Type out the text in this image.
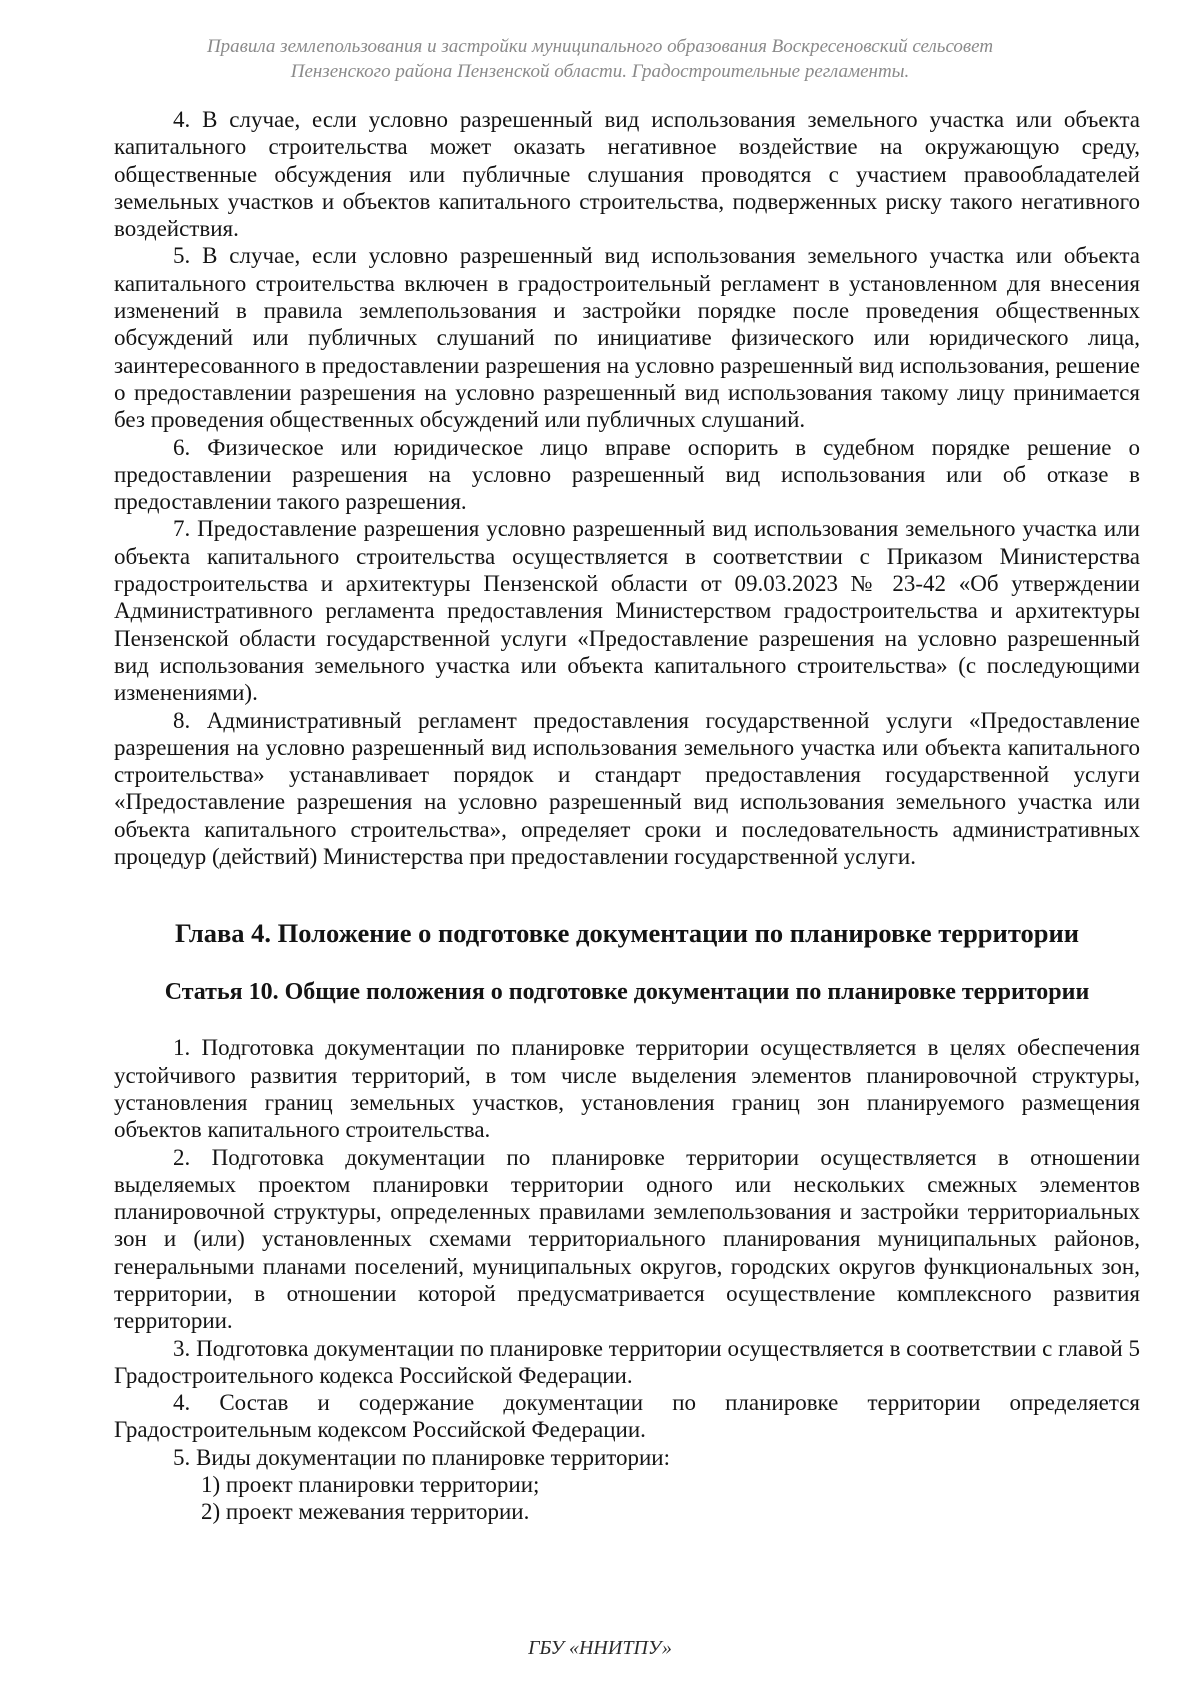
Правила землепользования и застройки муниципального образования Воскресеновский сельсовет
Пензенского района Пензенской области. Градостроительные регламенты.

4. В случае, если условно разрешенный вид использования земельного участка или объекта капитального строительства может оказать негативное воздействие на окружающую среду, общественные обсуждения или публичные слушания проводятся с участием правообладателей земельных участков и объектов капитального строительства, подверженных риску такого негативного воздействия.

5. В случае, если условно разрешенный вид использования земельного участка или объекта капитального строительства включен в градостроительный регламент в установленном для внесения изменений в правила землепользования и застройки порядке после проведения общественных обсуждений или публичных слушаний по инициативе физического или юридического лица, заинтересованного в предоставлении разрешения на условно разрешенный вид использования, решение о предоставлении разрешения на условно разрешенный вид использования такому лицу принимается без проведения общественных обсуждений или публичных слушаний.

6. Физическое или юридическое лицо вправе оспорить в судебном порядке решение о предоставлении разрешения на условно разрешенный вид использования или об отказе в предоставлении такого разрешения.

7. Предоставление разрешения условно разрешенный вид использования земельного участка или объекта капитального строительства осуществляется в соответствии с Приказом Министерства градостроительства и архитектуры Пензенской области от 09.03.2023 № 23-42 «Об утверждении Административного регламента предоставления Министерством градостроительства и архитектуры Пензенской области государственной услуги «Предоставление разрешения на условно разрешенный вид использования земельного участка или объекта капитального строительства» (с последующими изменениями).

8. Административный регламент предоставления государственной услуги «Предоставление разрешения на условно разрешенный вид использования земельного участка или объекта капитального строительства» устанавливает порядок и стандарт предоставления государственной услуги «Предоставление разрешения на условно разрешенный вид использования земельного участка или объекта капитального строительства», определяет сроки и последовательность административных процедур (действий) Министерства при предоставлении государственной услуги.

Глава 4. Положение о подготовке документации по планировке территории
Статья 10. Общие положения о подготовке документации по планировке территории

1. Подготовка документации по планировке территории осуществляется в целях обеспечения устойчивого развития территорий, в том числе выделения элементов планировочной структуры, установления границ земельных участков, установления границ зон планируемого размещения объектов капитального строительства.

2. Подготовка документации по планировке территории осуществляется в отношении выделяемых проектом планировки территории одного или нескольких смежных элементов планировочной структуры, определенных правилами землепользования и застройки территориальных зон и (или) установленных схемами территориального планирования муниципальных районов, генеральными планами поселений, муниципальных округов, городских округов функциональных зон, территории, в отношении которой предусматривается осуществление комплексного развития территории.

3. Подготовка документации по планировке территории осуществляется в соответствии с главой 5 Градостроительного кодекса Российской Федерации.

4. Состав и содержание документации по планировке территории определяется Градостроительным кодексом Российской Федерации.

5. Виды документации по планировке территории:

1) проект планировки территории;

2) проект межевания территории.

ГБУ «ННИТПУ»
